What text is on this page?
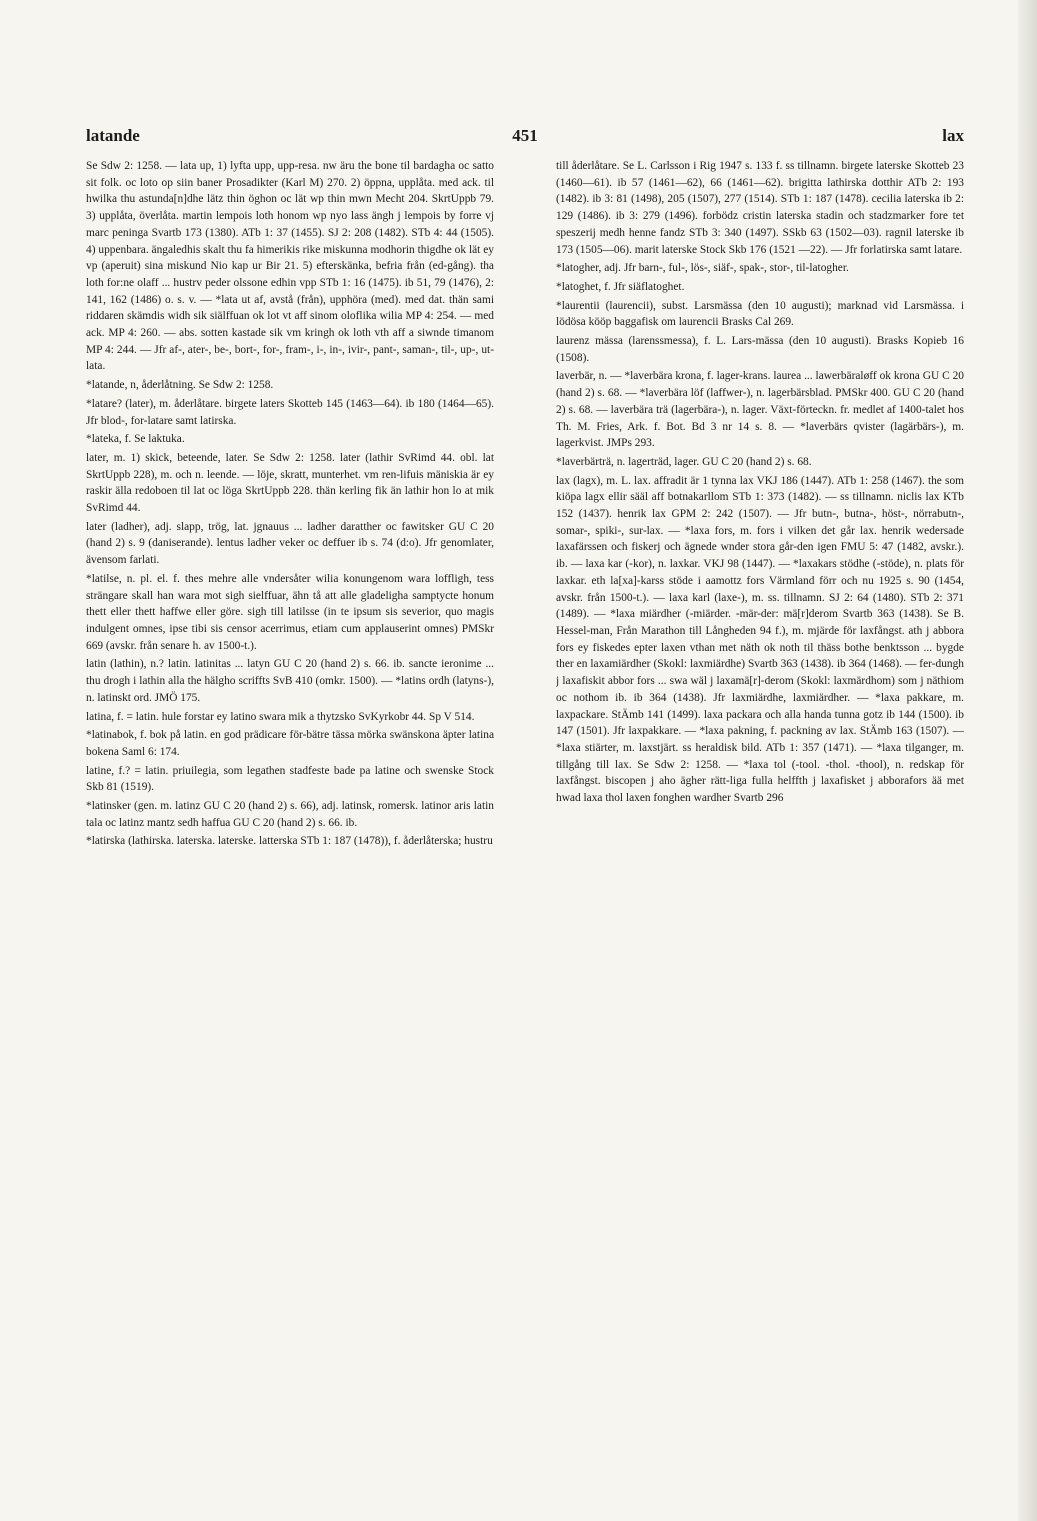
latande	451	lax

Se Sdw 2: 1258. — lata up, 1) lyfta upp, upp-resa. nw äru the bone til bardagha oc satto sit folk. oc loto op siin baner Prosadikter (Karl M) 270. 2) öppna, upplåta. med ack. til hwilka thu astunda[n]dhe lätz thin öghon oc lät wp thin mwn Mecht 204. SkrtUppb 79. 3) upplåta, överlåta. martin lempois loth honom wp nyo lass ängh j lempois by forre vj marc peninga Svartb 173 (1380). ATb 1: 37 (1455). SJ 2: 208 (1482). STb 4: 44 (1505). 4) uppenbara. ängaledhis skalt thu fa himerikis rike miskunna modhorin thigdhe ok lät ey vp (aperuit) sina miskund Nio kap ur Bir 21. 5) efterskänka, befria från (ed-gång). tha loth for:ne olaff ... hustrv peder olssone edhin vpp STb 1: 16 (1475). ib 51, 79 (1476), 2: 141, 162 (1486) o. s. v. — *lata ut af, avstå (från), upphöra (med). med dat. thän sami riddaren skämdis widh sik siälffuan ok lot vt aff sinom oloflika wilia MP 4: 254. — med ack. MP 4: 260. — abs. sotten kastade sik vm kringh ok loth vth aff a siwnde timanom MP 4: 244. — Jfr af-, ater-, be-, bort-, for-, fram-, i-, in-, ivir-, pant-, saman-, til-, up-, ut-lata.

*latande, n, åderlåtning. Se Sdw 2: 1258.

*latare? (later), m. åderlåtare. birgete laters Skotteb 145 (1463—64). ib 180 (1464—65). Jfr blod-, for-latare samt latirska.

*lateka, f. Se laktuka.

later, m. 1) skick, beteende, later. Se Sdw 2: 1258. later (lathir SvRimd 44. obl. lat SkrtUppb 228), m. och n. leende. — löje, skratt, munterhet. vm ren-lifuis mäniskia är ey raskir älla redoboen til lat oc löga SkrtUppb 228. thän kerling fik än lathir hon lo at mik SvRimd 44.

later (ladher), adj. slapp, trög, lat. jgnauus ... ladher daratther oc fawitsker GU C 20 (hand 2) s. 9 (daniserande). lentus ladher veker oc deffuer ib s. 74 (d:o). Jfr genomlater, ävensom farlati.

*latilse, n. pl. el. f. thes mehre alle vndersåter wilia konungenom wara loffligh, tess strängare skall han wara mot sigh sielffuar, ähn tå att alle gladeligha samptycte honum thett eller thett haffwe eller göre. sigh till latilsse (in te ipsum sis severior, quo magis indulgent omnes, ipse tibi sis censor acerrimus, etiam cum applauserint omnes) PMSkr 669 (avskr. från senare h. av 1500-t.).

latin (lathin), n.? latin. latinitas ... latyn GU C 20 (hand 2) s. 66. ib. sancte ieronime ... thu drogh i lathin alla the hälgho scriffts SvB 410 (omkr. 1500). — *latins ordh (latyns-), n. latinskt ord. JMÖ 175.

latina, f. = latin. hule forstar ey latino swara mik a thytzsko SvKyrkobr 44. Sp V 514.

*latinabok, f. bok på latin. en god prädicare för-bätre tässa mörka swänskona äpter latina bokena Saml 6: 174.

latine, f.? = latin. priuilegia, som legathen stadfeste bade pa latine och swenske Stock Skb 81 (1519).

*latinsker (gen. m. latinz GU C 20 (hand 2) s. 66), adj. latinsk, romersk. latinor aris latin tala oc latinz mantz sedh haffua GU C 20 (hand 2) s. 66. ib.

*latirska (lathirska. laterska. laterske. latterska STb 1: 187 (1478)), f. åderlåterska; hustru

till åderlåtare. Se L. Carlsson i Rig 1947 s. 133 f. ss tillnamn. birgete laterske Skotteb 23 (1460—61). ib 57 (1461—62), 66 (1461—62). brigitta lathirska dotthir ATb 2: 193 (1482). ib 3: 81 (1498), 205 (1507), 277 (1514). STb 1: 187 (1478). cecilia laterska ib 2: 129 (1486). ib 3: 279 (1496). forbödz cristin laterska stadin och stadzmarker fore tet speszerij medh henne fandz STb 3: 340 (1497). SSkb 63 (1502—03). ragnil laterske ib 173 (1505—06). marit laterske Stock Skb 176 (1521 —22). — Jfr forlatirska samt latare.

*latogher, adj. Jfr barn-, ful-, lös-, siäf-, spak-, stor-, til-latogher.

*latoghet, f. Jfr siäflatoghet.

*laurentii (laurencii), subst. Larsmässa (den 10 augusti); marknad vid Larsmässa. i lödösa kööp baggafisk om laurencii Brasks Cal 269.

laurenz mässa (larenssmessa), f. L. Lars-mässa (den 10 augusti). Brasks Kopieb 16 (1508).

laverbär, n. — *laverbära krona, f. lager-krans. laurea ... lawerbäraløff ok krona GU C 20 (hand 2) s. 68. — *laverbära löf (laffwer-), n. lagerbärsblad. PMSkr 400. GU C 20 (hand 2) s. 68. — laverbära trä (lagerbära-), n. lager. Växt-förteckn. fr. medlet af 1400-talet hos Th. M. Fries, Ark. f. Bot. Bd 3 nr 14 s. 8. — *laverbärs qvister (lagärbärs-), m. lagerkvist. JMPs 293.

*laverbärträ, n. lagerträd, lager. GU C 20 (hand 2) s. 68.

lax (lagx), m. L. lax. affradit är 1 tynna lax VKJ 186 (1447). ATb 1: 258 (1467). the som kiöpa lagx ellir sääl aff botnakarllom STb 1: 373 (1482). — ss tillnamn. niclis lax KTb 152 (1437). henrik lax GPM 2: 242 (1507). — Jfr butn-, butna-, höst-, nörrabutn-, somar-, spiki-, sur-lax. — *laxa fors, m. fors i vilken det går lax. henrik wedersade laxafärssen och fiskerj och ägnede wnder stora går-den igen FMU 5: 47 (1482, avskr.). ib. — laxa kar (-kor), n. laxkar. VKJ 98 (1447). — *laxakars stödhe (-stöde), n. plats för laxkar. eth la[xa]-karss stöde i aamottz fors Värmland förr och nu 1925 s. 90 (1454, avskr. från 1500-t.). — laxa karl (laxe-), m. ss. tillnamn. SJ 2: 64 (1480). STb 2: 371 (1489). — *laxa miärdher (-miärder. -mär-der: mä[r]derom Svartb 363 (1438). Se B. Hessel-man, Från Marathon till Långheden 94 f.), m. mjärde för laxfångst. ath j abbora fors ey fiskedes epter laxen vthan met näth ok noth til thäss bothe benktsson ... bygde ther en laxamiärdher (Skokl: laxmiärdhe) Svartb 363 (1438). ib 364 (1468). — fer-dungh j laxafiskit abbor fors ... swa wäl j laxamä[r]-derom (Skokl: laxmärdhom) som j näthiom oc nothom ib. ib 364 (1438). Jfr laxmiärdhe, laxmiärdher. — *laxa pakkare, m. laxpackare. StÄmb 141 (1499). laxa packara och alla handa tunna gotz ib 144 (1500). ib 147 (1501). Jfr laxpakkare. — *laxa pakning, f. packning av lax. StÄmb 163 (1507). — *laxa stiärter, m. laxstjärt. ss heraldisk bild. ATb 1: 357 (1471). — *laxa tilganger, m. tillgång till lax. Se Sdw 2: 1258. — *laxa tol (-tool. -thol. -thool), n. redskap för laxfångst. biscopen j aho ägher rätt-liga fulla helffth j laxafisket j abborafors ää met hwad laxa thol laxen fonghen wardher Svartb 296
